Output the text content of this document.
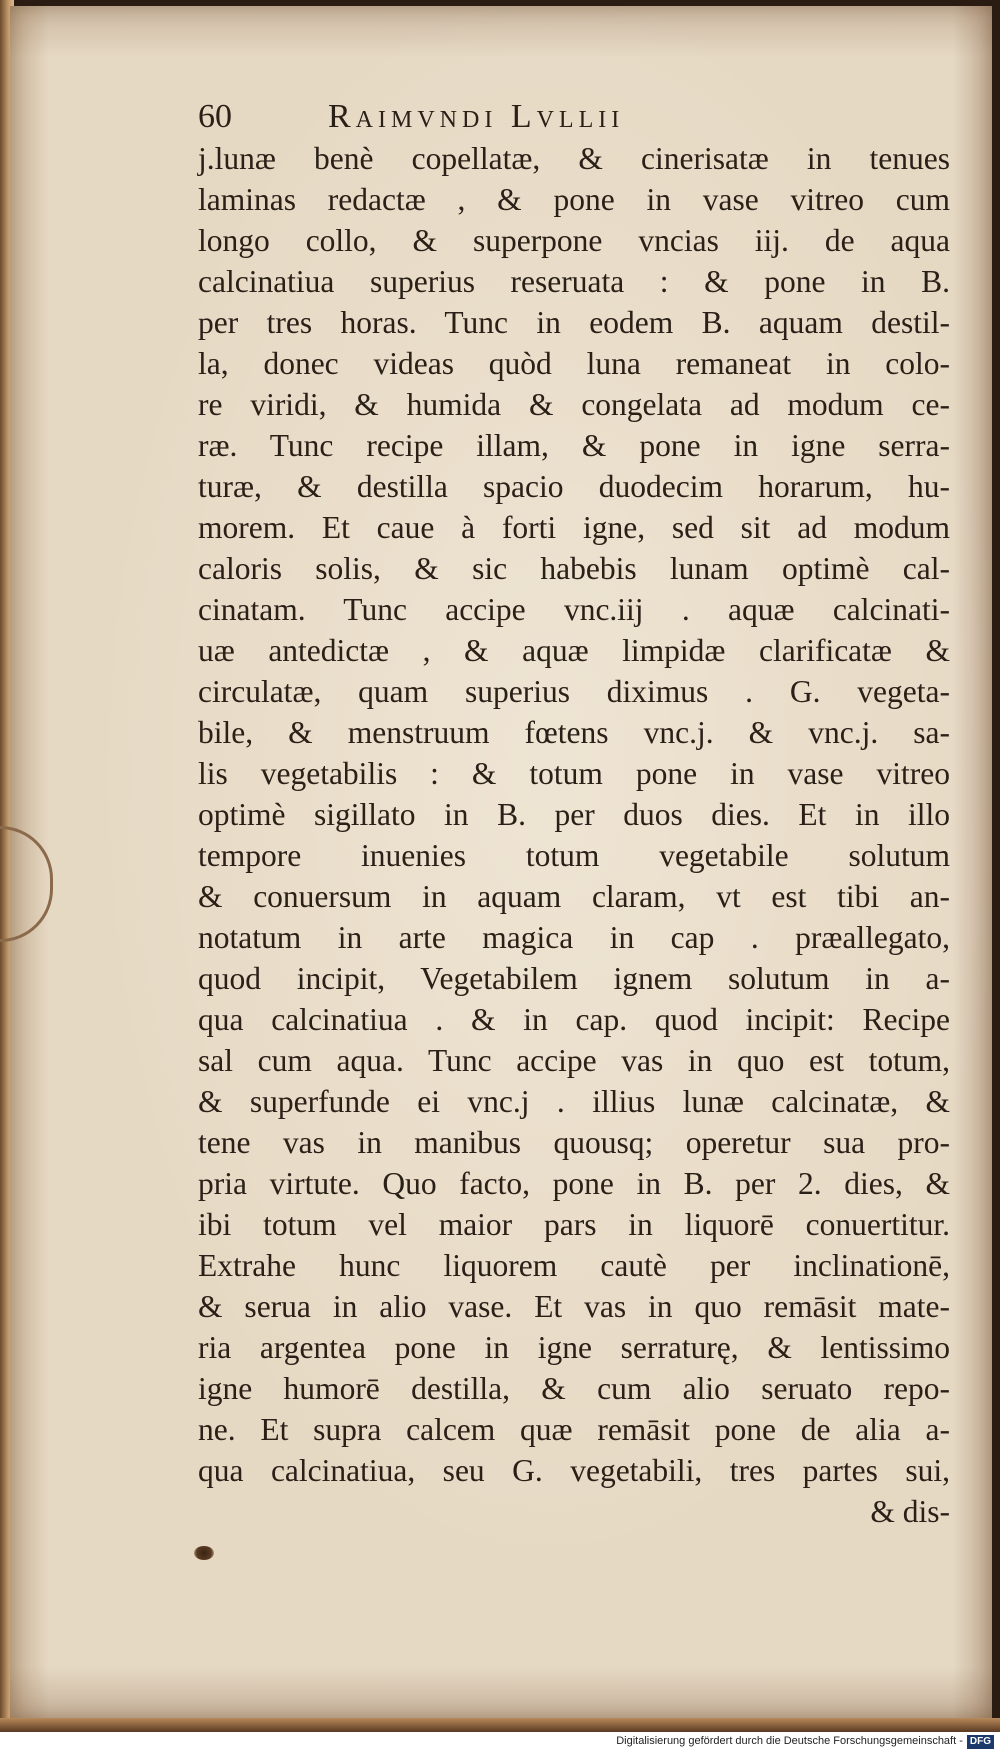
60	Raimvndi Lvllii
j.lunæ benè copellatæ, & cinerisatæ in tenues
laminas redactæ , & pone in vase vitreo cum
longo collo, & superpone vncias iij. de aqua
calcinatiua superius reseruata : & pone in B.
per tres horas. Tunc in eodem B. aquam destil-
la, donec videas quòd luna remaneat in colo-
re viridi, & humida & congelata ad modum ce-
ræ. Tunc recipe illam, & pone in igne serra-
turæ, & destilla spacio duodecim horarum, hu-
morem. Et caue à forti igne, sed sit ad modum
caloris solis, & sic habebis lunam optimè cal-
cinatam. Tunc accipe vnc.iij . aquæ calcinati-
uæ antedictæ , & aquæ limpidæ clarificatæ &
circulatæ, quam superius diximus . G. vegeta-
bile, & menstruum fœtens vnc.j. & vnc.j. sa-
lis vegetabilis : & totum pone in vase vitreo
optimè sigillato in B. per duos dies. Et in illo
tempore inuenies totum vegetabile solutum
& conuersum in aquam claram, vt est tibi an-
notatum in arte magica in cap . præallegato,
quod incipit, Vegetabilem ignem solutum in a-
qua calcinatiua . & in cap. quod incipit: Recipe
sal cum aqua. Tunc accipe vas in quo est totum,
& superfunde ei vnc.j . illius lunæ calcinatæ, &
tene vas in manibus quousq; operetur sua pro-
pria virtute. Quo facto, pone in B. per 2. dies, &
ibi totum vel maior pars in liquorē conuertitur.
Extrahe hunc liquorem cautè per inclinationē,
& serua in alio vase. Et vas in quo remāsit mate-
ria argentea pone in igne serraturę, & lentissimo
igne humorē destilla, & cum alio seruato repo-
ne. Et supra calcem quæ remāsit pone de alia a-
qua calcinatiua, seu G. vegetabili, tres partes sui,
& dis-
Digitalisierung gefördert durch die Deutsche Forschungsgemeinschaft - DFG
